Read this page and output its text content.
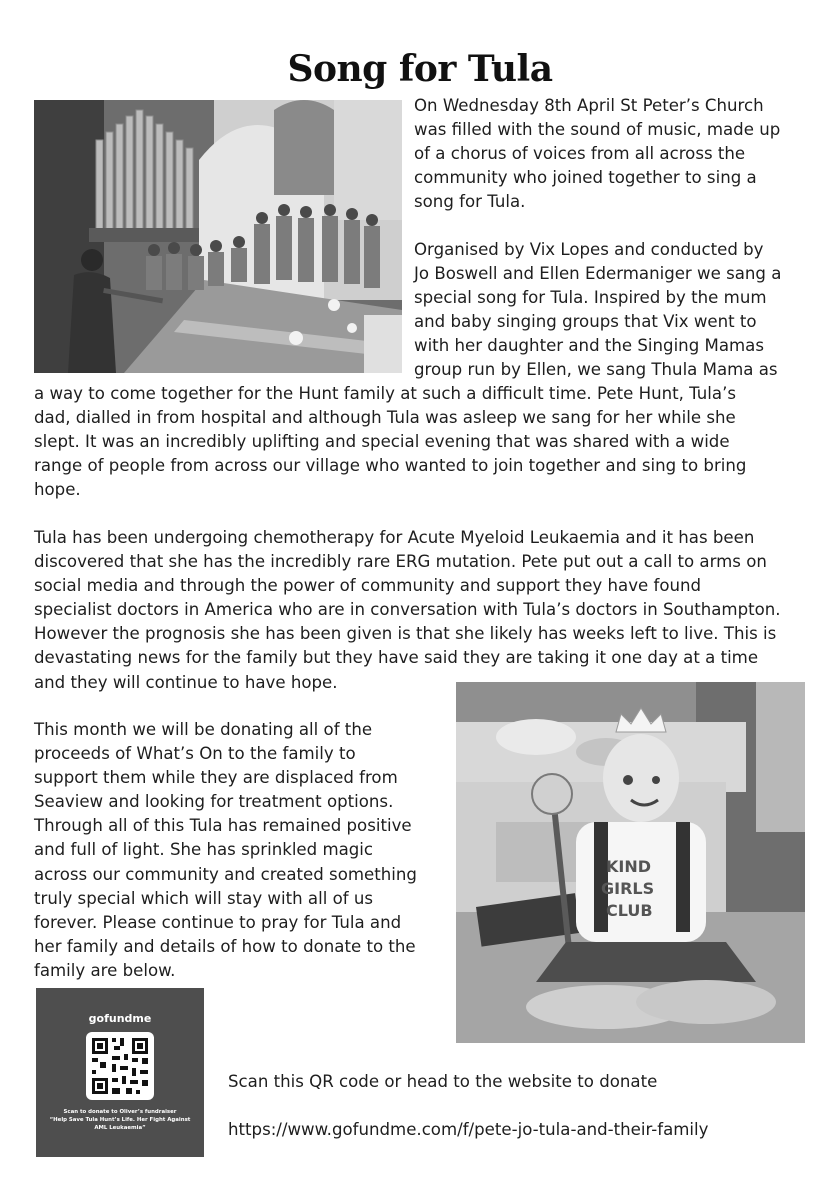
Song for Tula
On Wednesday 8th April St Peter’s Church
was filled with the sound of music, made up
of a chorus of voices from all across the
community who joined together to sing a
song for Tula.
Organised by Vix Lopes and conducted by
Jo Boswell and Ellen Edermaniger we sang a
special song for Tula. Inspired by the mum
and baby singing groups that Vix went to
with her daughter and the Singing Mamas
group run by Ellen, we sang Thula Mama as
a way to come together for the Hunt family at such a difficult time. Pete Hunt, Tula’s
dad, dialled in from hospital and although Tula was asleep we sang for her while she
slept. It was an incredibly uplifting and special evening that was shared with a wide
range of people from across our village who wanted to join together and sing to bring
hope.
Tula has been undergoing chemotherapy for Acute Myeloid Leukaemia and it has been
discovered that she has the incredibly rare ERG mutation. Pete put out a call to arms on
social media and through the power of community and support they have found
specialist doctors in America who are in conversation with Tula’s doctors in Southampton.
However the prognosis she has been given is that she likely has weeks left to live. This is
devastating news for the family but they have said they are taking it one day at a time
and they will continue to have hope.
KIND
GIRLS
CLUB
This month we will be donating all of the
proceeds of What’s On to the family to
support them while they are displaced from
Seaview and looking for treatment options.
Through all of this Tula has remained positive
and full of light. She has sprinkled magic
across our community and created something
truly special which will stay with all of us
forever. Please continue to pray for Tula and
her family and details of how to donate to the
family are below.
gofundme
Scan to donate to Oliver’s fundraiser
“Help Save Tula Hunt’s Life. Her Fight Against
AML Leukaemia”
Scan this QR code or head to the website to donate
https://www.gofundme.com/f/pete-jo-tula-and-their-family
